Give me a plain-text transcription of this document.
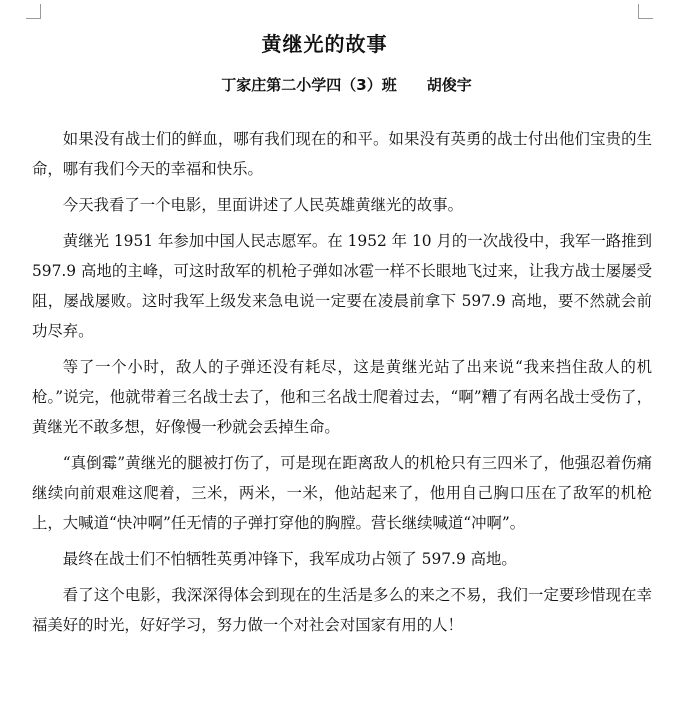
黄继光的故事
丁家庄第二小学四（3）班 胡俊宇

如果没有战士们的鲜血，哪有我们现在的和平。如果没有英勇的战士付出他们宝贵的生命，哪有我们今天的幸福和快乐。

今天我看了一个电影，里面讲述了人民英雄黄继光的故事。

黄继光 1951 年参加中国人民志愿军。在 1952 年 10 月的一次战役中，我军一路推到 597.9 高地的主峰，可这时敌军的机枪子弹如冰雹一样不长眼地飞过来，让我方战士屡屡受阻，屡战屡败。这时我军上级发来急电说一定要在凌晨前拿下 597.9 高地，要不然就会前功尽弃。

等了一个小时，敌人的子弹还没有耗尽，这是黄继光站了出来说“我来挡住敌人的机枪。”说完，他就带着三名战士去了，他和三名战士爬着过去，“啊”糟了有两名战士受伤了，黄继光不敢多想，好像慢一秒就会丢掉生命。

“真倒霉”黄继光的腿被打伤了，可是现在距离敌人的机枪只有三四米了，他强忍着伤痛继续向前艰难这爬着，三米，两米，一米，他站起来了，他用自己胸口压在了敌军的机枪上，大喊道“快冲啊”任无情的子弹打穿他的胸膛。营长继续喊道“冲啊”。

最终在战士们不怕牺牲英勇冲锋下，我军成功占领了 597.9 高地。

看了这个电影，我深深得体会到现在的生活是多么的来之不易，我们一定要珍惜现在幸福美好的时光，好好学习，努力做一个对社会对国家有用的人！
